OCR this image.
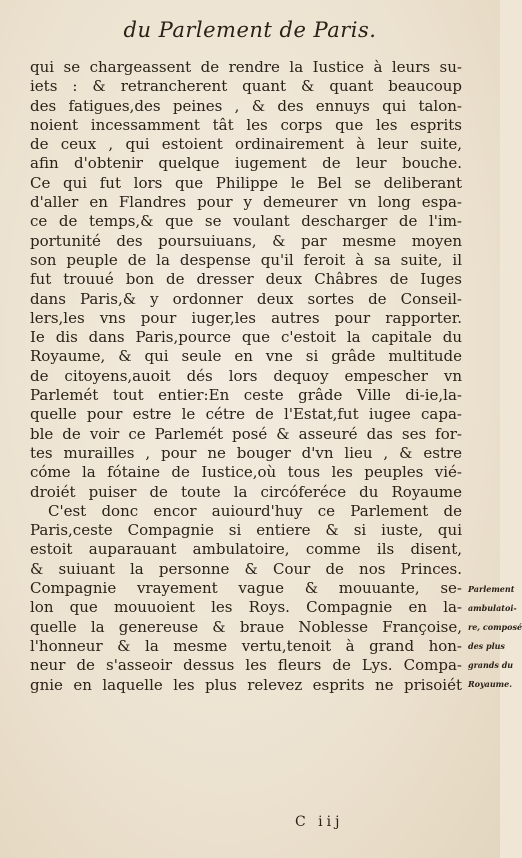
du Parlement de Paris.
qui se chargeassent de rendre la Iustice à leurs su-
iets : & retrancherent quant & quant beaucoup
des fatigues,des peines , & des ennuys qui talon-
noient incessamment tât les corps que les esprits
de ceux , qui estoient ordinairement à leur suite,
afin d'obtenir quelque iugement de leur bouche.
Ce qui fut lors que Philippe le Bel se deliberant
d'aller en Flandres pour y demeurer vn long espa-
ce de temps,& que se voulant descharger de l'im-
portunité des poursuiuans, & par mesme moyen
son peuple de la despense qu'il feroit à sa suite, il
fut trouué bon de dresser deux Châbres de Iuges
dans Paris,& y ordonner deux sortes de Conseil-
lers,les vns pour iuger,les autres pour rapporter.
Ie dis dans Paris,pource que c'estoit la capitale du
Royaume, & qui seule en vne si grâde multitude
de citoyens,auoit dés lors dequoy empescher vn
Parlemét tout entier:En ceste grâde Ville di-ie,la-
quelle pour estre le cétre de l'Estat,fut iugee capa-
ble de voir ce Parlemét posé & asseuré das ses for-
tes murailles , pour ne bouger d'vn lieu , & estre
cóme la fótaine de Iustice,où tous les peuples vié-
droiét puiser de toute la circóferéce du Royaume
C'est donc encor auiourd'huy ce Parlement de
Paris,ceste Compagnie si entiere & si iuste, qui
estoit auparauant ambulatoire, comme ils disent,
& suiuant la personne & Cour de nos Princes.
Compagnie vrayement vague & mouuante, se-
lon que mouuoient les Roys. Compagnie en la-
quelle la genereuse & braue Noblesse Françoise,
l'honneur & la mesme vertu,tenoit à grand hon-
neur de s'asseoir dessus les fleurs de Lys. Compa-
gnie en laquelle les plus relevez esprits ne prisoiét
Parlement
ambulatoi-
re, composé
des plus
grands du
Royaume.
C iij
